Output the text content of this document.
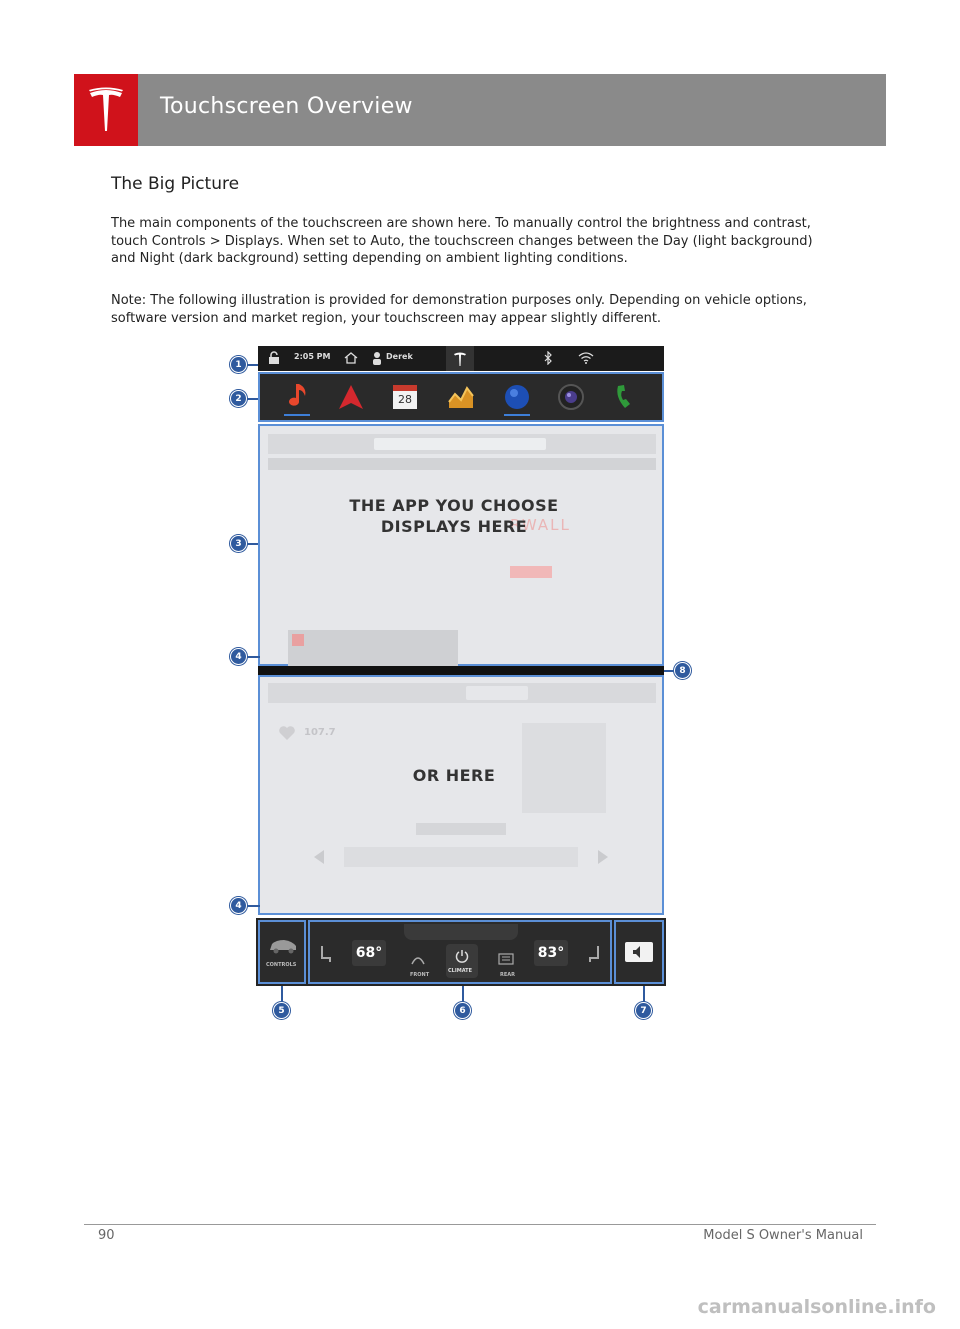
Touchscreen Overview
The Big Picture
The main components of the touchscreen are shown here. To manually control the brightness and contrast, touch Controls > Displays. When set to Auto, the touchscreen changes between the Day (light background) and Night (dark background) setting depending on ambient lighting conditions.
Note: The following illustration is provided for demonstration purposes only. Depending on vehicle options, software version and market region, your touchscreen may appear slightly different.
2:05 PM	Derek
28
RWALL
THE APP YOU CHOOSE
DISPLAYS HERE
107.7
OR HERE
CONTROLS
FRONT
CLIMATE
REAR
68°	83°
1
2
3
4
4
5	6	7
8
90	Model S Owner's Manual
carmanualsonline.info
